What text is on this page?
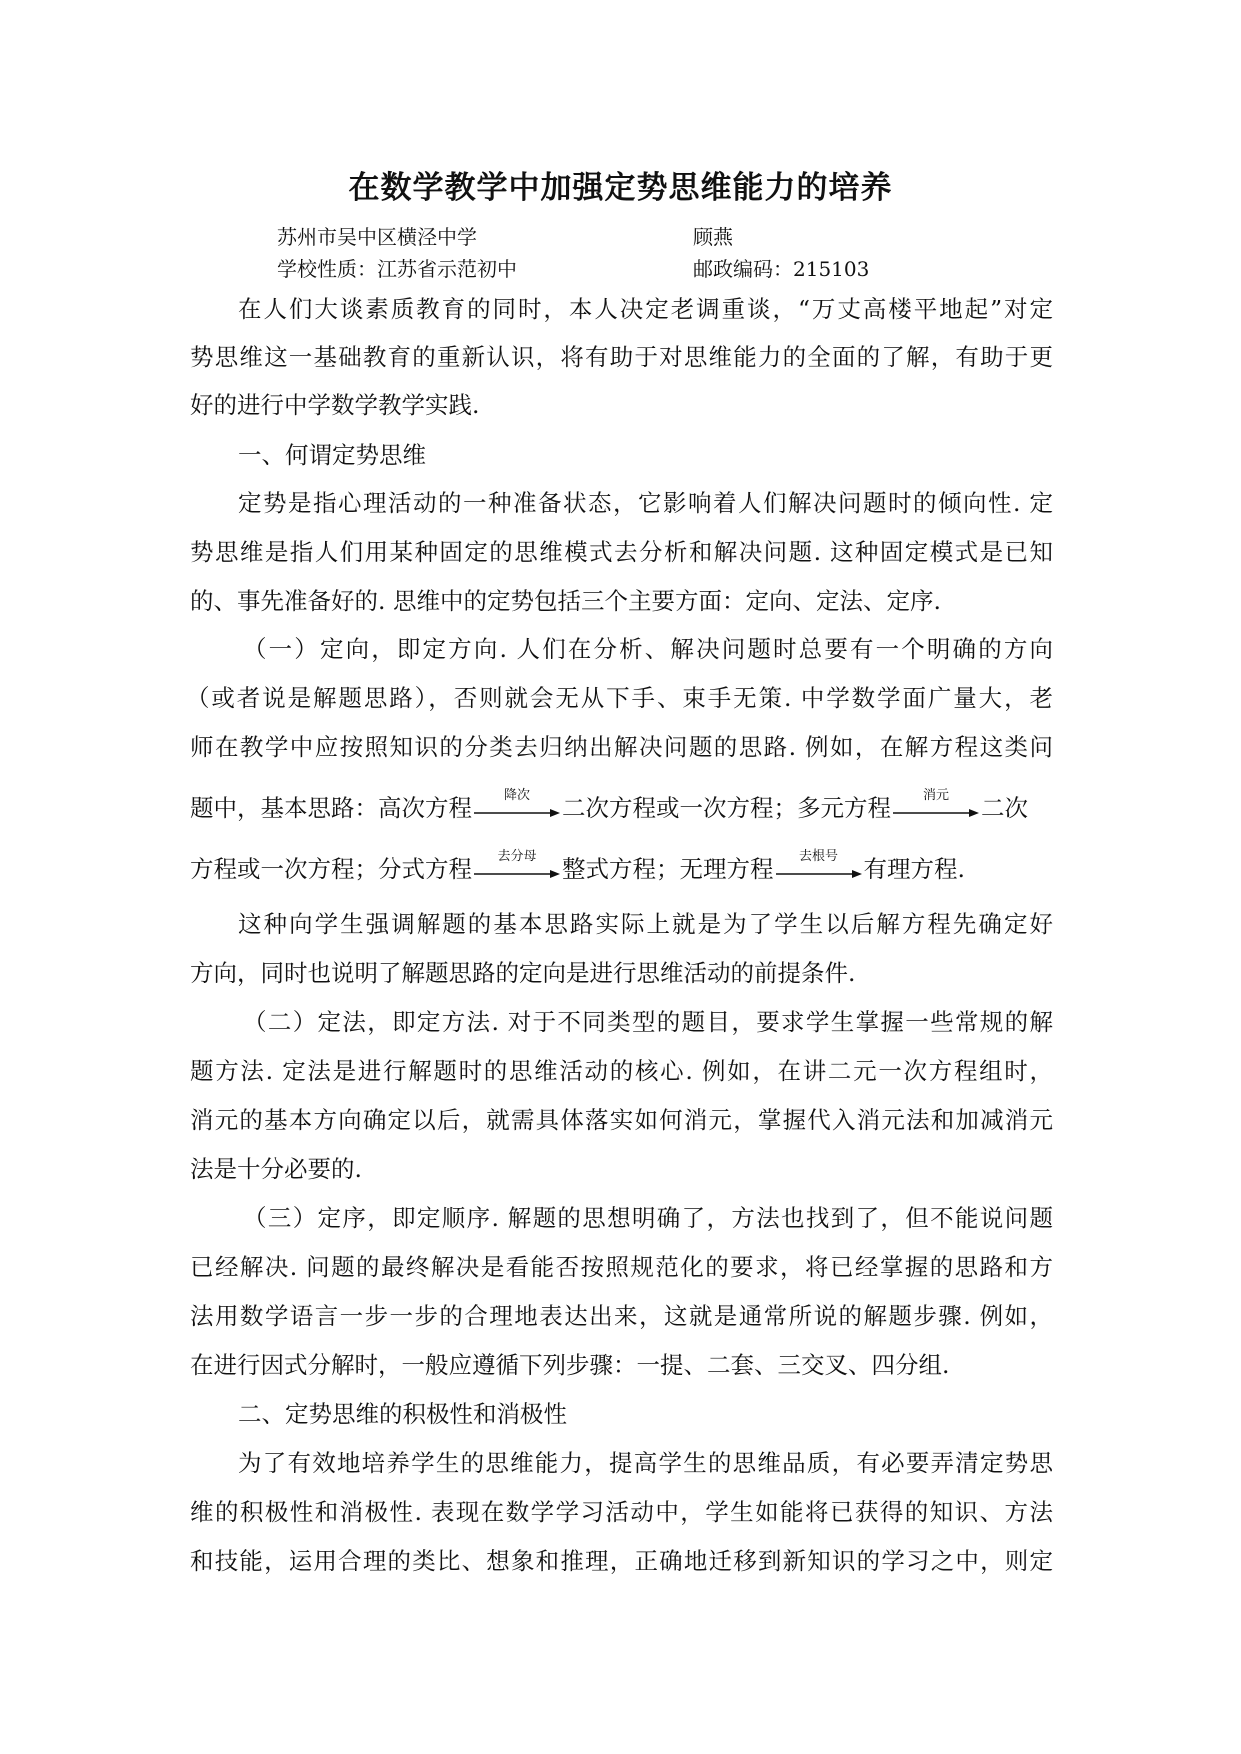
在数学教学中加强定势思维能力的培养
苏州市吴中区横泾中学	顾燕
学校性质：江苏省示范初中	邮政编码：215103
在人们大谈素质教育的同时，本人决定老调重谈，“万丈高楼平地起”对定
势思维这一基础教育的重新认识，将有助于对思维能力的全面的了解，有助于更
好的进行中学数学教学实践.
一、何谓定势思维
定势是指心理活动的一种准备状态，它影响着人们解决问题时的倾向性. 定
势思维是指人们用某种固定的思维模式去分析和解决问题. 这种固定模式是已知
的、事先准备好的. 思维中的定势包括三个主要方面：定向、定法、定序.
（一）定向，即定方向. 人们在分析、解决问题时总要有一个明确的方向
（或者说是解题思路），否则就会无从下手、束手无策. 中学数学面广量大，老
师在教学中应按照知识的分类去归纳出解决问题的思路. 例如，在解方程这类问
题中，基本思路：高次方程	降次	二次方程或一次方程；多元方程	消元	二次
方程或一次方程；分式方程	去分母	整式方程；无理方程	去根号	有理方程.
这种向学生强调解题的基本思路实际上就是为了学生以后解方程先确定好
方向，同时也说明了解题思路的定向是进行思维活动的前提条件.
（二）定法，即定方法. 对于不同类型的题目，要求学生掌握一些常规的解
题方法. 定法是进行解题时的思维活动的核心. 例如，在讲二元一次方程组时，
消元的基本方向确定以后，就需具体落实如何消元，掌握代入消元法和加减消元
法是十分必要的.
（三）定序，即定顺序. 解题的思想明确了，方法也找到了，但不能说问题
已经解决. 问题的最终解决是看能否按照规范化的要求，将已经掌握的思路和方
法用数学语言一步一步的合理地表达出来，这就是通常所说的解题步骤. 例如，
在进行因式分解时，一般应遵循下列步骤：一提、二套、三交叉、四分组.
二、定势思维的积极性和消极性
为了有效地培养学生的思维能力，提高学生的思维品质，有必要弄清定势思
维的积极性和消极性. 表现在数学学习活动中，学生如能将已获得的知识、方法
和技能，运用合理的类比、想象和推理，正确地迁移到新知识的学习之中，则定
